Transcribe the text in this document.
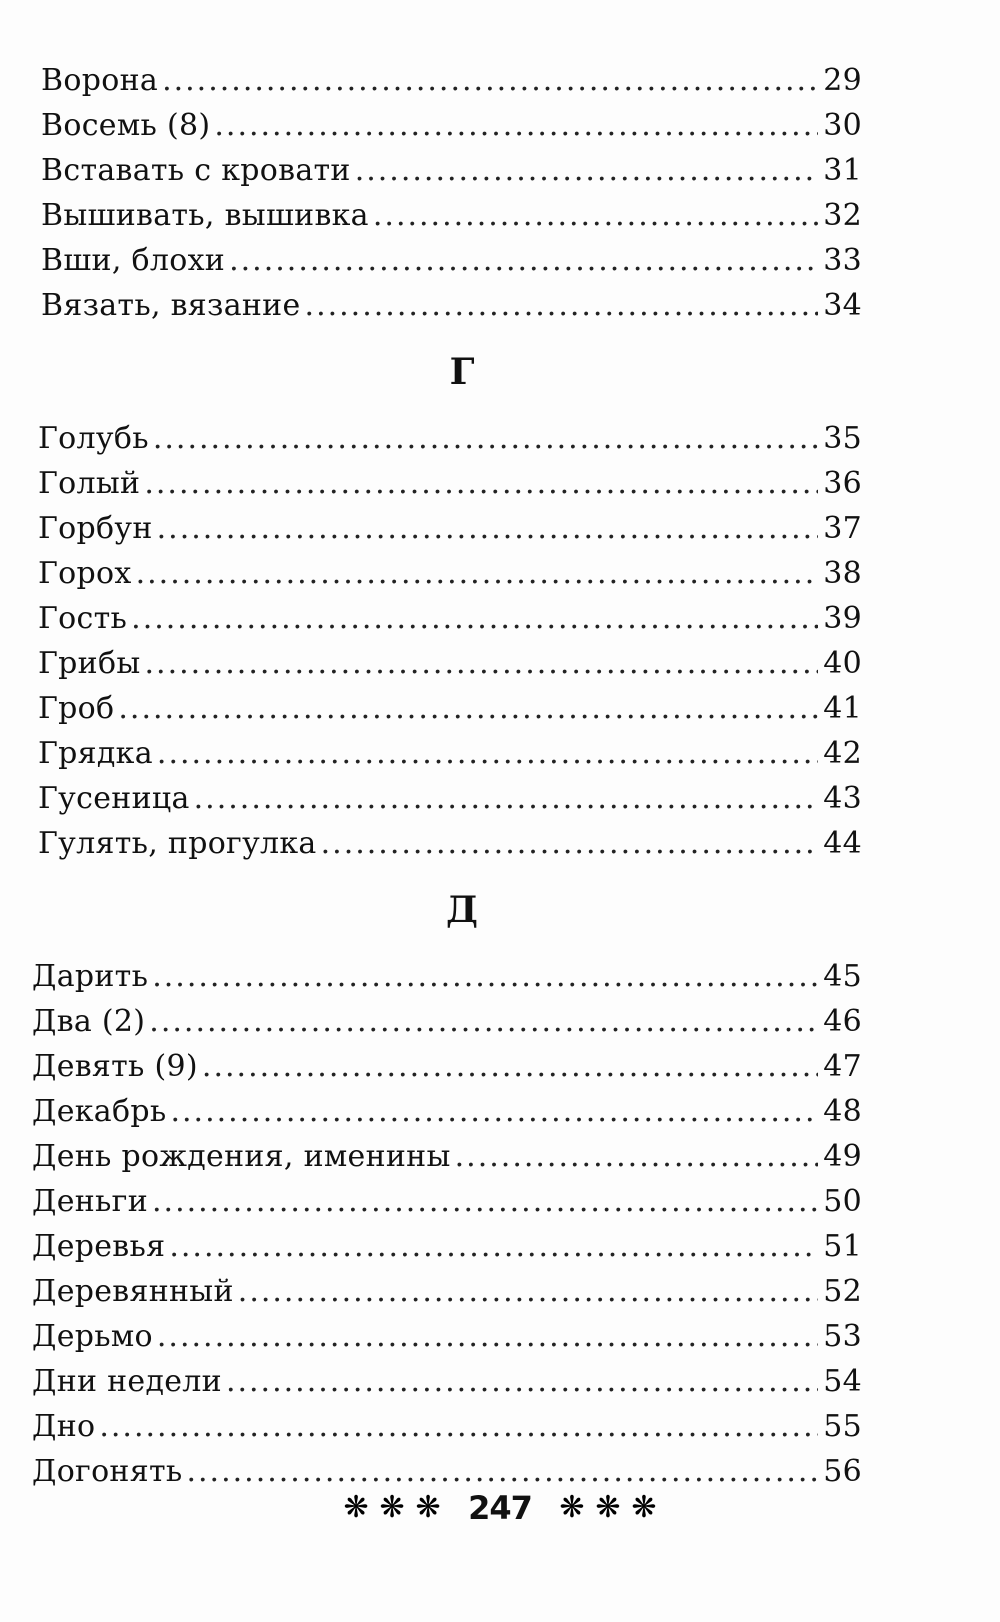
Ворона .....	29
Восемь (8) .....	30
Вставать с кровати .....	31
Вышивать, вышивка .....	32
Вши, блохи .....	33
Вязать, вязание .....	34
Г
Голубь .....	35
Голый .....	36
Горбун .....	37
Горох .....	38
Гость .....	39
Грибы .....	40
Гроб .....	41
Грядка .....	42
Гусеница .....	43
Гулять, прогулка .....	44
Д
Дарить .....	45
Два (2) .....	46
Девять (9) .....	47
Декабрь .....	48
День рождения, именины .....	49
Деньги .....	50
Деревья .....	51
Деревянный .....	52
Дерьмо .....	53
Дни недели .....	54
Дно .....	55
Догонять .....	56
❋ ❋ ❋ 247 ❋ ❋ ❋
